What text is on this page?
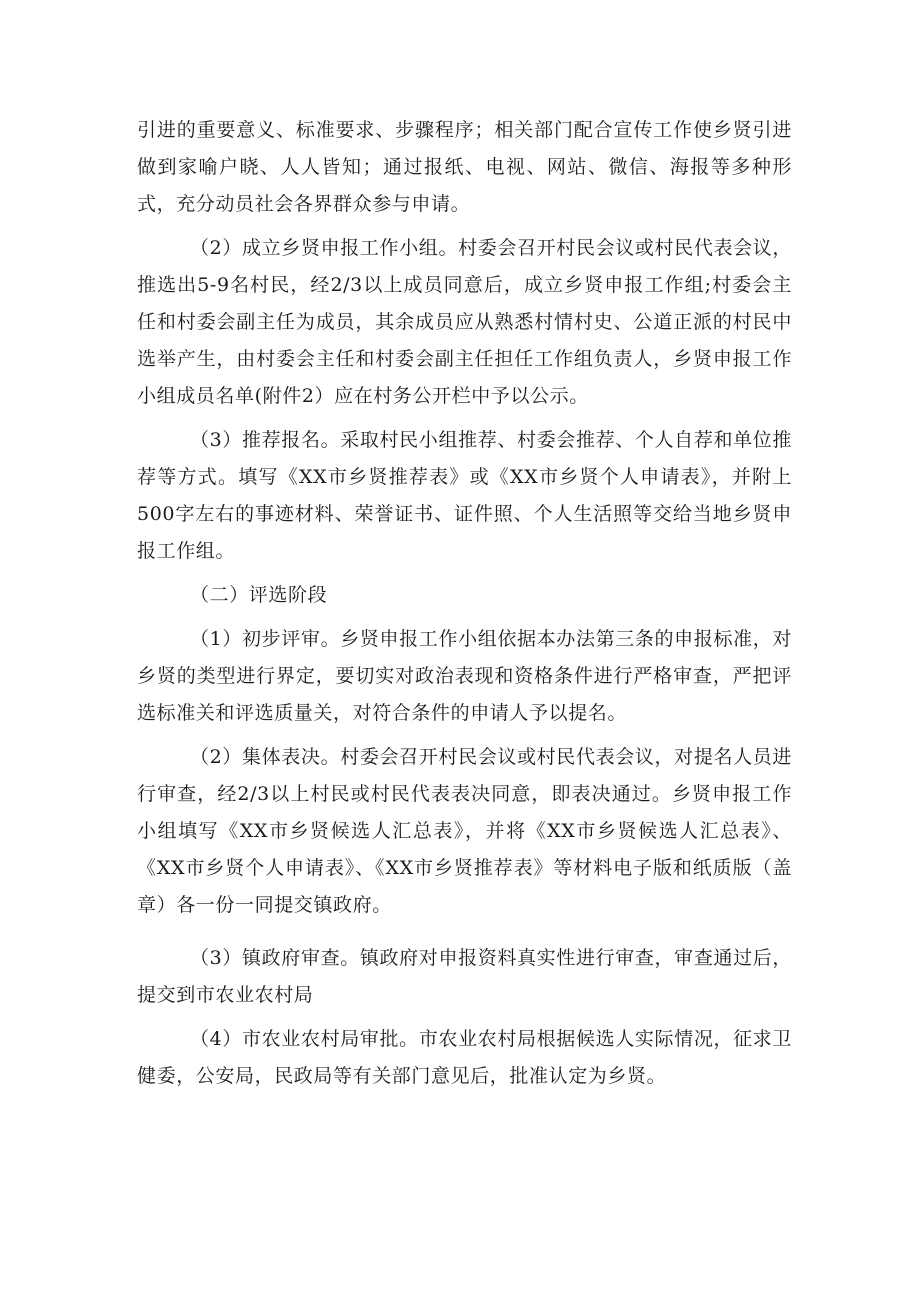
引进的重要意义、标准要求、步骤程序；相关部门配合宣传工作使乡贤引进做到家喻户晓、人人皆知；通过报纸、电视、网站、微信、海报等多种形式，充分动员社会各界群众参与申请。

（2）成立乡贤申报工作小组。村委会召开村民会议或村民代表会议，推选出5-9名村民，经2/3以上成员同意后，成立乡贤申报工作组;村委会主任和村委会副主任为成员，其余成员应从熟悉村情村史、公道正派的村民中选举产生，由村委会主任和村委会副主任担任工作组负责人，乡贤申报工作小组成员名单(附件2）应在村务公开栏中予以公示。

（3）推荐报名。采取村民小组推荐、村委会推荐、个人自荐和单位推荐等方式。填写《XX市乡贤推荐表》或《XX市乡贤个人申请表》，并附上500字左右的事迹材料、荣誉证书、证件照、个人生活照等交给当地乡贤申报工作组。

（二）评选阶段

（1）初步评审。乡贤申报工作小组依据本办法第三条的申报标准，对乡贤的类型进行界定，要切实对政治表现和资格条件进行严格审查，严把评选标准关和评选质量关，对符合条件的申请人予以提名。

（2）集体表决。村委会召开村民会议或村民代表会议，对提名人员进行审查，经2/3以上村民或村民代表表决同意，即表决通过。乡贤申报工作小组填写《XX市乡贤候选人汇总表》，并将《XX市乡贤候选人汇总表》、《XX市乡贤个人申请表》、《XX市乡贤推荐表》等材料电子版和纸质版（盖章）各一份一同提交镇政府。

（3）镇政府审查。镇政府对申报资料真实性进行审查，审查通过后，提交到市农业农村局

（4）市农业农村局审批。市农业农村局根据候选人实际情况，征求卫健委，公安局，民政局等有关部门意见后，批准认定为乡贤。
